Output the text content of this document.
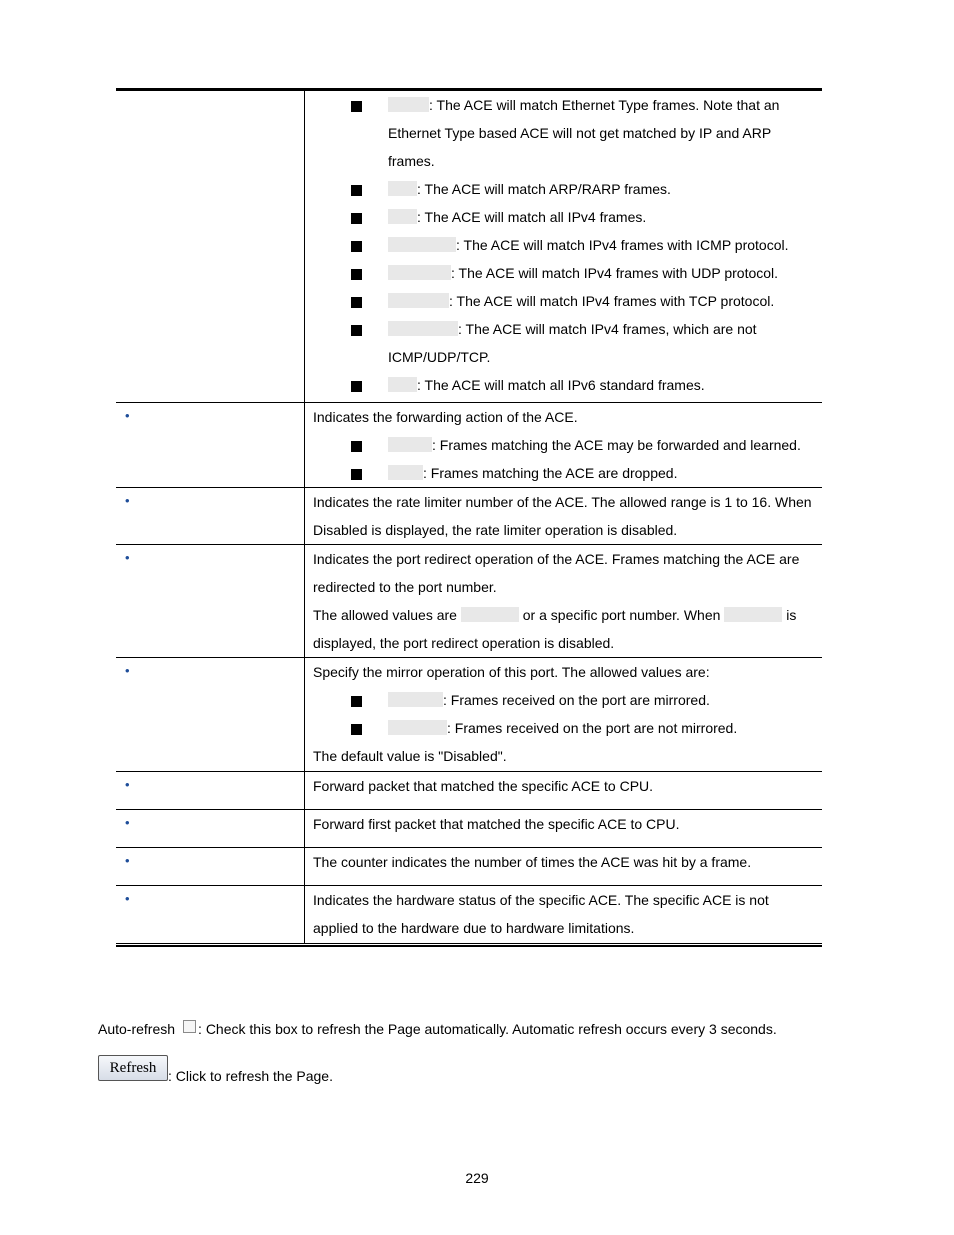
: The ACE will match Ethernet Type frames. Note that an
Ethernet Type based ACE will not get matched by IP and ARP
frames.
: The ACE will match ARP/RARP frames.
: The ACE will match all IPv4 frames.
: The ACE will match IPv4 frames with ICMP protocol.
: The ACE will match IPv4 frames with UDP protocol.
: The ACE will match IPv4 frames with TCP protocol.
: The ACE will match IPv4 frames, which are not
ICMP/UDP/TCP.
: The ACE will match all IPv6 standard frames.
•	Indicates the forwarding action of the ACE.
: Frames matching the ACE may be forwarded and learned.
: Frames matching the ACE are dropped.
•	Indicates the rate limiter number of the ACE. The allowed range is 1 to 16. When
Disabled is displayed, the rate limiter operation is disabled.
•	Indicates the port redirect operation of the ACE. Frames matching the ACE are
redirected to the port number.
The allowed values are	or a specific port number. When	is
displayed, the port redirect operation is disabled.
•	Specify the mirror operation of this port. The allowed values are:
: Frames received on the port are mirrored.
: Frames received on the port are not mirrored.
The default value is "Disabled".
•	Forward packet that matched the specific ACE to CPU.
•	Forward first packet that matched the specific ACE to CPU.
•	The counter indicates the number of times the ACE was hit by a frame.
•	Indicates the hardware status of the specific ACE. The specific ACE is not
applied to the hardware due to hardware limitations.
Auto-refresh : Check this box to refresh the Page automatically. Automatic refresh occurs every 3 seconds.
Refresh : Click to refresh the Page.
229
